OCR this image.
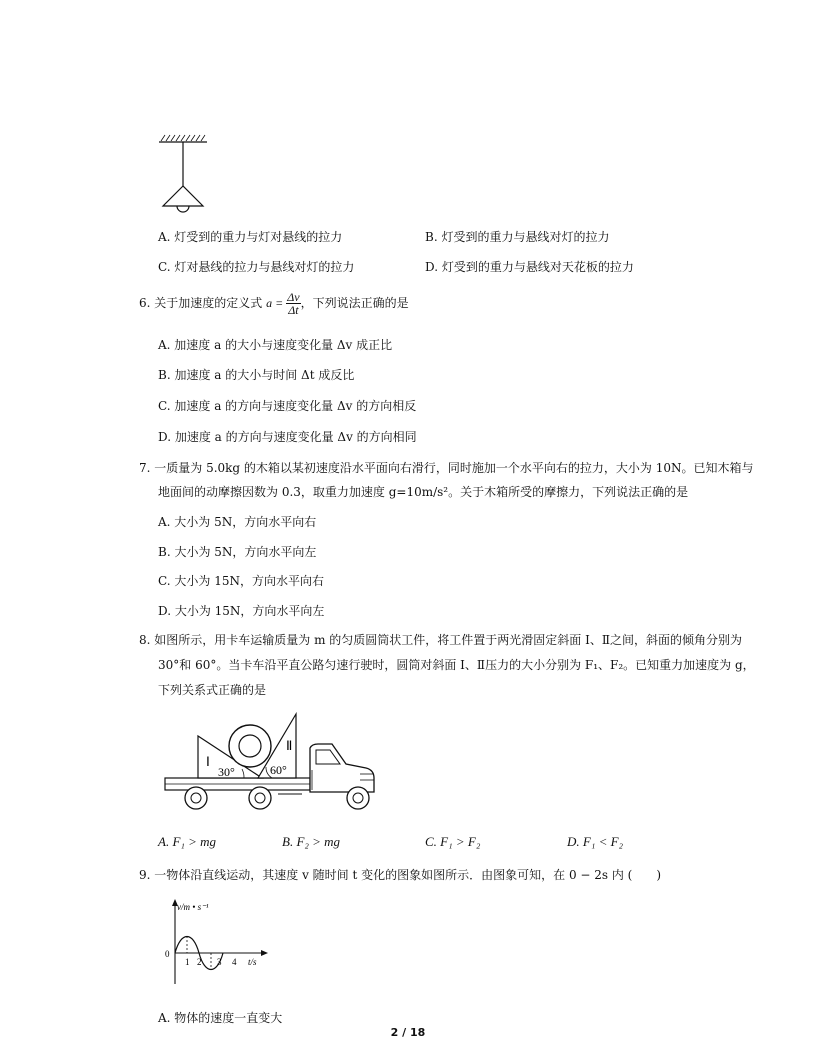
A. 灯受到的重力与灯对悬线的拉力	B. 灯受到的重力与悬线对灯的拉力
C. 灯对悬线的拉力与悬线对灯的拉力	D. 灯受到的重力与悬线对天花板的拉力
6. 关于加速度的定义式 $a = \frac{\Delta v}{\Delta t}$ ，下列说法正确的是
A. 加速度 a 的大小与速度变化量 Δv 成正比
B. 加速度 a 的大小与时间 Δt 成反比
C. 加速度 a 的方向与速度变化量 Δv 的方向相反
D. 加速度 a 的方向与速度变化量 Δv 的方向相同
7. 一质量为 5.0kg 的木箱以某初速度沿水平面向右滑行，同时施加一个水平向右的拉力，大小为 10N。已知木箱与
地面间的动摩擦因数为 0.3，取重力加速度 g=10m/s²。关于木箱所受的摩擦力，下列说法正确的是
A. 大小为 5N，方向水平向右
B. 大小为 5N，方向水平向左
C. 大小为 15N，方向水平向右
D. 大小为 15N，方向水平向左
8. 如图所示，用卡车运输质量为 m 的匀质圆筒状工件，将工件置于两光滑固定斜面 Ⅰ、Ⅱ之间，斜面的倾角分别为
30°和 60°。当卡车沿平直公路匀速行驶时，圆筒对斜面 Ⅰ、Ⅱ压力的大小分别为 F₁、F₂。已知重力加速度为 g，
下列关系式正确的是
Ⅰ
30°
Ⅱ
60°
A. F₁ > mg	B. F₂ > mg	C. F₁ > F₂	D. F₁ < F₂
9. 一物体沿直线运动，其速度 v 随时间 t 变化的图象如图所示．由图象可知，在 0 − 2s 内 (　　)
v/m • s⁻¹
0
1 2 3 4 t/s
A. 物体的速度一直变大
2 / 18
